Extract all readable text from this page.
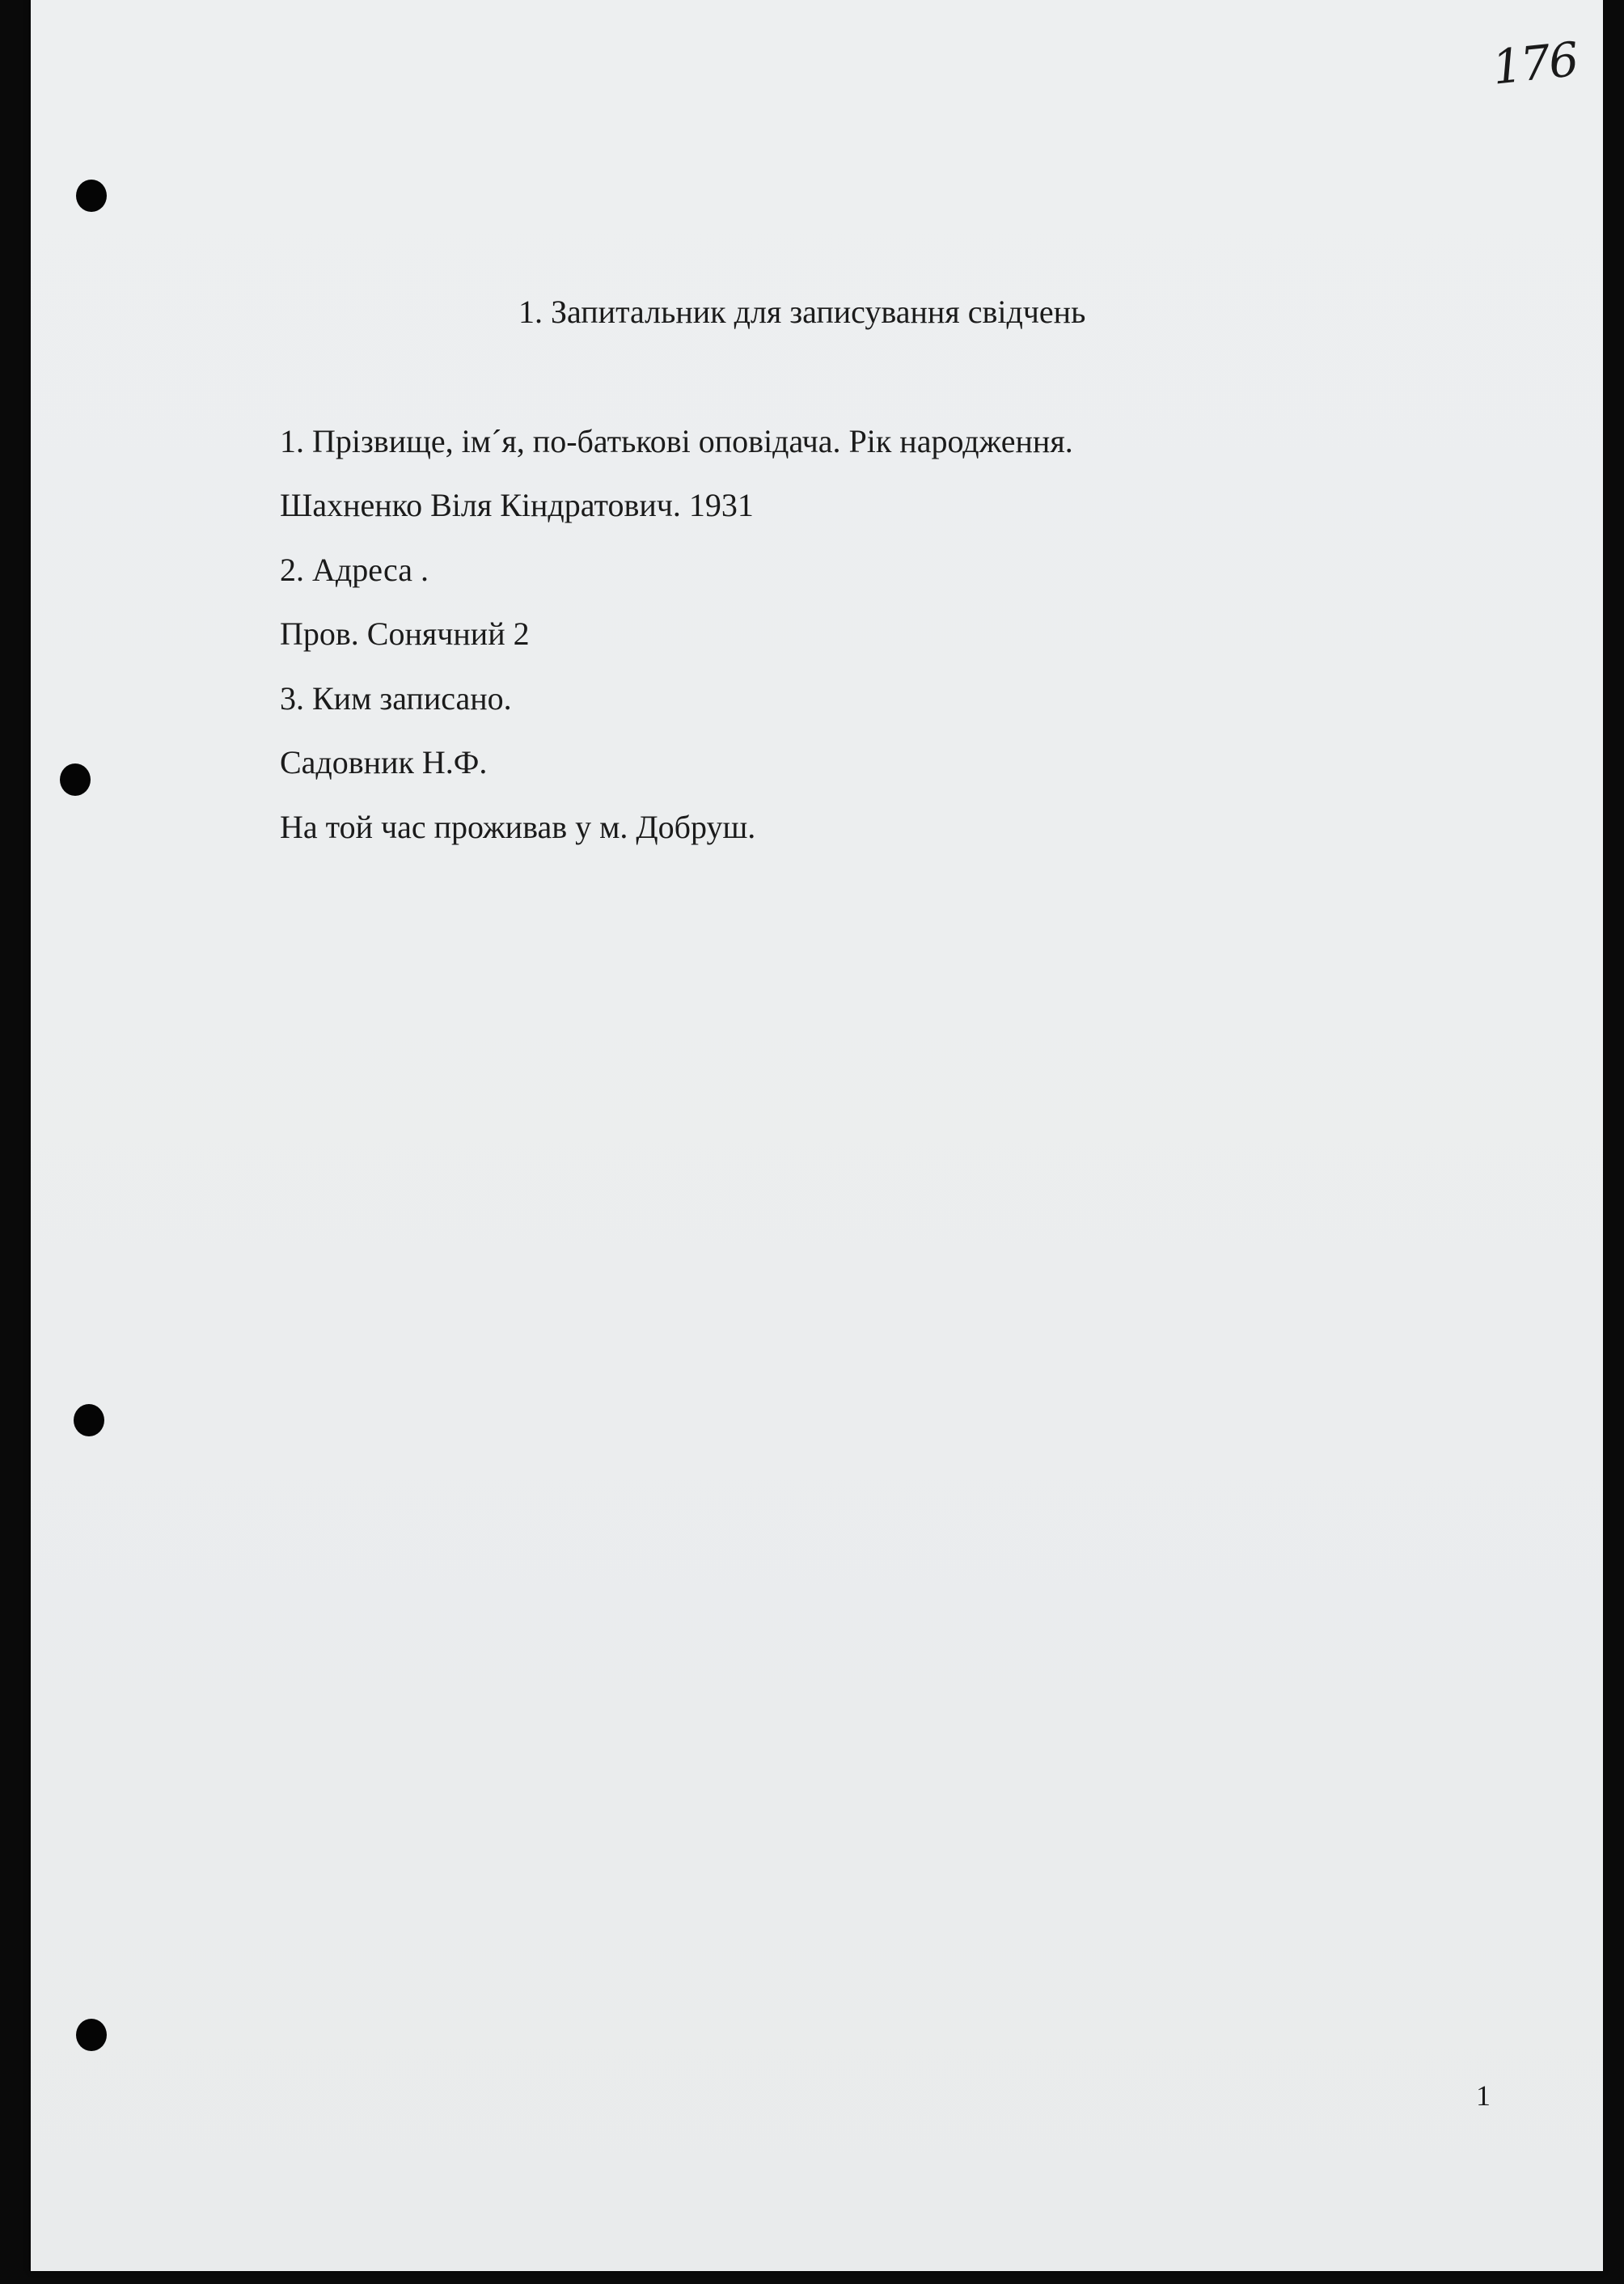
176
1. Запитальник для записування свідчень
1. Прізвище, ім´я, по-батькові оповідача. Рік народження.
Шахненко Віля Кіндратович. 1931
2. Адреса .
Пров. Сонячний 2
3. Ким записано.
Садовник Н.Ф.
На той час проживав у м. Добруш.
1
